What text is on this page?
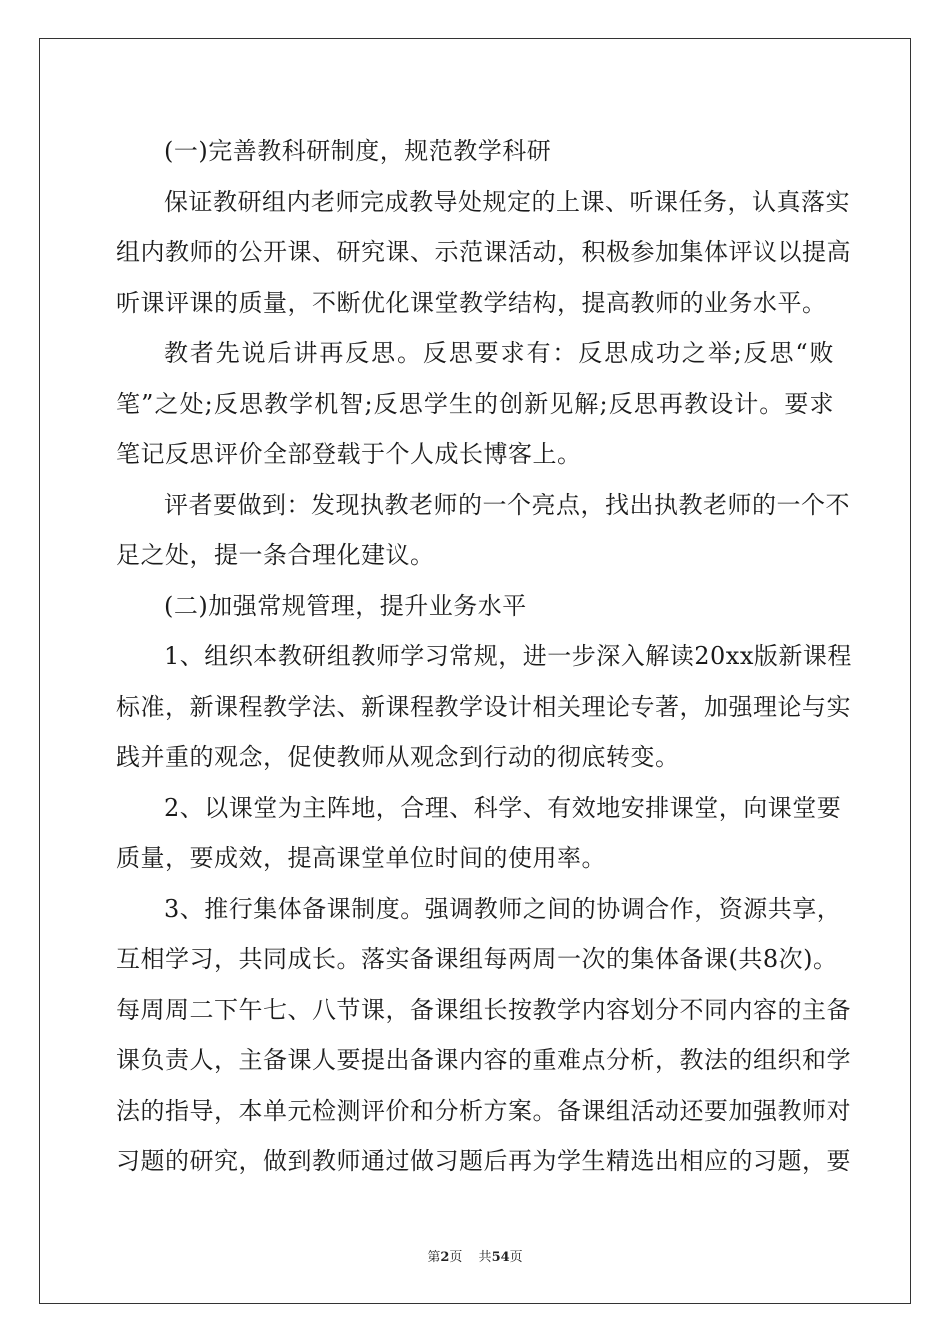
(一)完善教科研制度，规范教学科研
保证教研组内老师完成教导处规定的上课、听课任务，认真落实
组内教师的公开课、研究课、示范课活动，积极参加集体评议以提高
听课评课的质量，不断优化课堂教学结构，提高教师的业务水平。
教者先说后讲再反思。反思要求有：反思成功之举;反思“败
笔”之处;反思教学机智;反思学生的创新见解;反思再教设计。要求
笔记反思评价全部登载于个人成长博客上。
评者要做到：发现执教老师的一个亮点，找出执教老师的一个不
足之处，提一条合理化建议。
(二)加强常规管理，提升业务水平
1、组织本教研组教师学习常规，进一步深入解读20xx版新课程
标准，新课程教学法、新课程教学设计相关理论专著，加强理论与实
践并重的观念，促使教师从观念到行动的彻底转变。
2、以课堂为主阵地，合理、科学、有效地安排课堂，向课堂要
质量，要成效，提高课堂单位时间的使用率。
3、推行集体备课制度。强调教师之间的协调合作，资源共享，
互相学习，共同成长。落实备课组每两周一次的集体备课(共8次)。
每周周二下午七、八节课，备课组长按教学内容划分不同内容的主备
课负责人，主备课人要提出备课内容的重难点分析，教法的组织和学
法的指导，本单元检测评价和分析方案。备课组活动还要加强教师对
习题的研究，做到教师通过做习题后再为学生精选出相应的习题，要
第2页 共54页
